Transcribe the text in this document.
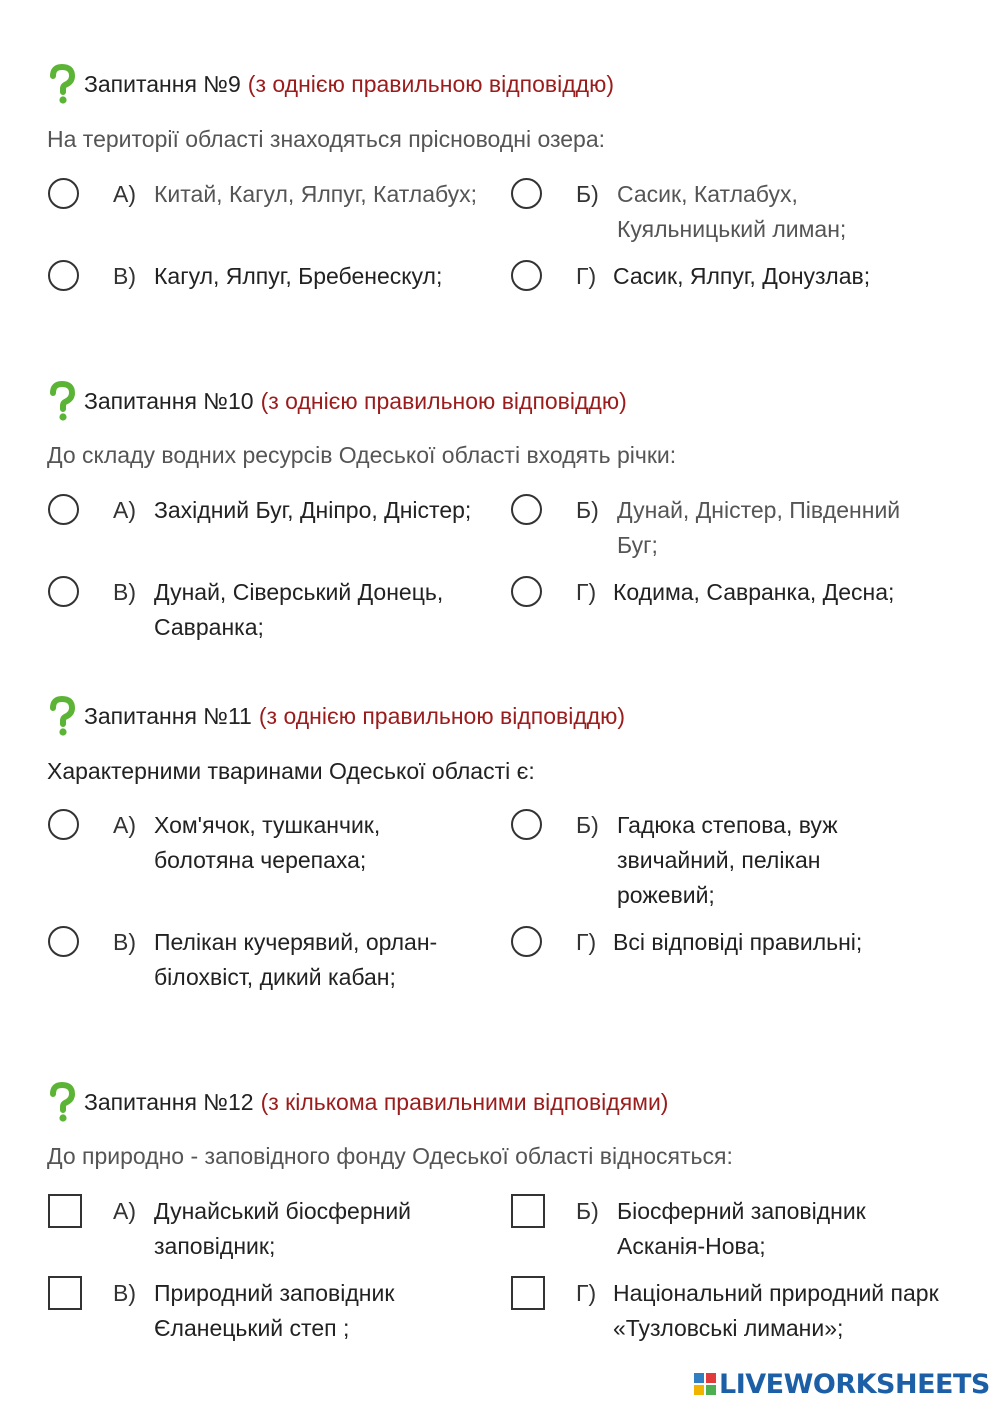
Запитання №9 (з однією правильною відповіддю)
На території області знаходяться прісноводні озера:
А) Китай, Кагул, Ялпуг, Катлабух;	Б) Сасик, Катлабух, Куяльницький лиман;
В) Кагул, Ялпуг, Бребенескул;	Г) Сасик, Ялпуг, Донузлав;
Запитання №10 (з однією правильною відповіддю)
До складу водних ресурсів Одеської області входять річки:
А) Західний Буг, Дніпро, Дністер;	Б) Дунай, Дністер, Південний Буг;
В) Дунай, Сіверський Донець, Савранка;
Г) Кодима, Савранка, Десна;
Запитання №11 (з однією правильною відповіддю)
Характерними тваринами Одеської області є:
А) Хом'ячок, тушканчик, болотяна черепаха;
Б) Гадюка степова, вуж звичайний, пелікан рожевий;
В) Пелікан кучерявий, орлан-білохвіст, дикий кабан;
Г) Всі відповіді правильні;
Запитання №12 (з кількома правильними відповідями)
До природно - заповідного фонду Одеської області відносяться:
А) Дунайський біосферний заповідник;
Б) Біосферний заповідник Асканія-Нова;
В) Природний заповідник Єланецький степ ;
Г) Національний природний парк «Тузловські лимани»;
LIVEWORKSHEETS
